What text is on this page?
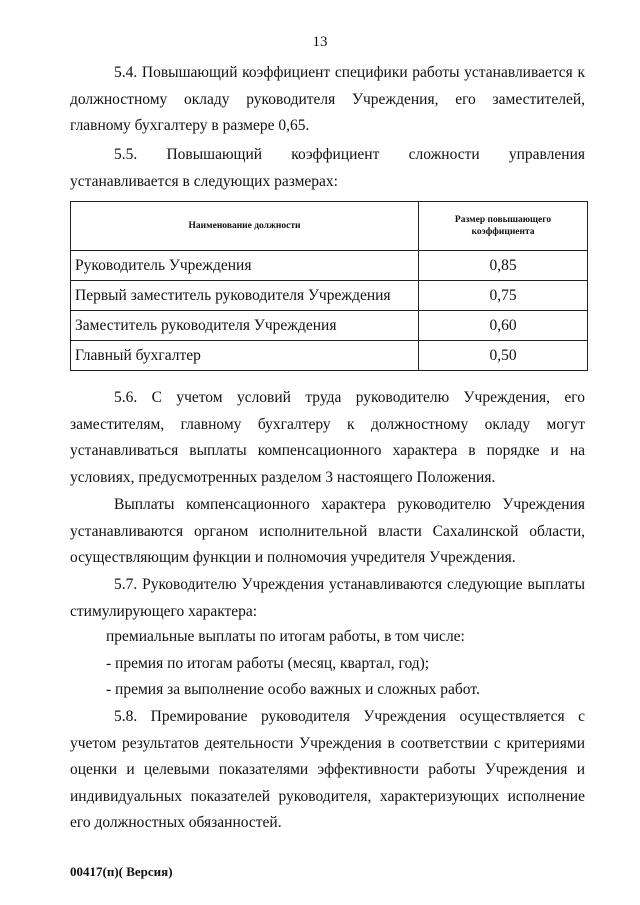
13

5.4. Повышающий коэффициент специфики работы устанавливается к должностному окладу руководителя Учреждения, его заместителей, главному бухгалтеру в размере 0,65.

5.5. Повышающий коэффициент сложности управления устанавливается в следующих размерах:

Наименование должности	Размер повышающего коэффициента
Руководитель Учреждения	0,85
Первый заместитель руководителя Учреждения	0,75
Заместитель руководителя Учреждения	0,60
Главный бухгалтер	0,50

5.6. С учетом условий труда руководителю Учреждения, его заместителям, главному бухгалтеру к должностному окладу могут устанавливаться выплаты компенсационного характера в порядке и на условиях, предусмотренных разделом 3 настоящего Положения.

Выплаты компенсационного характера руководителю Учреждения устанавливаются органом исполнительной власти Сахалинской области, осуществляющим функции и полномочия учредителя Учреждения.

5.7. Руководителю Учреждения устанавливаются следующие выплаты стимулирующего характера:

премиальные выплаты по итогам работы, в том числе:

- премия по итогам работы (месяц, квартал, год);

- премия за выполнение особо важных и сложных работ.

5.8. Премирование руководителя Учреждения осуществляется с учетом результатов деятельности Учреждения в соответствии с критериями оценки и целевыми показателями эффективности работы Учреждения и индивидуальных показателей руководителя, характеризующих исполнение его должностных обязанностей.

00417(п)( Версия)
